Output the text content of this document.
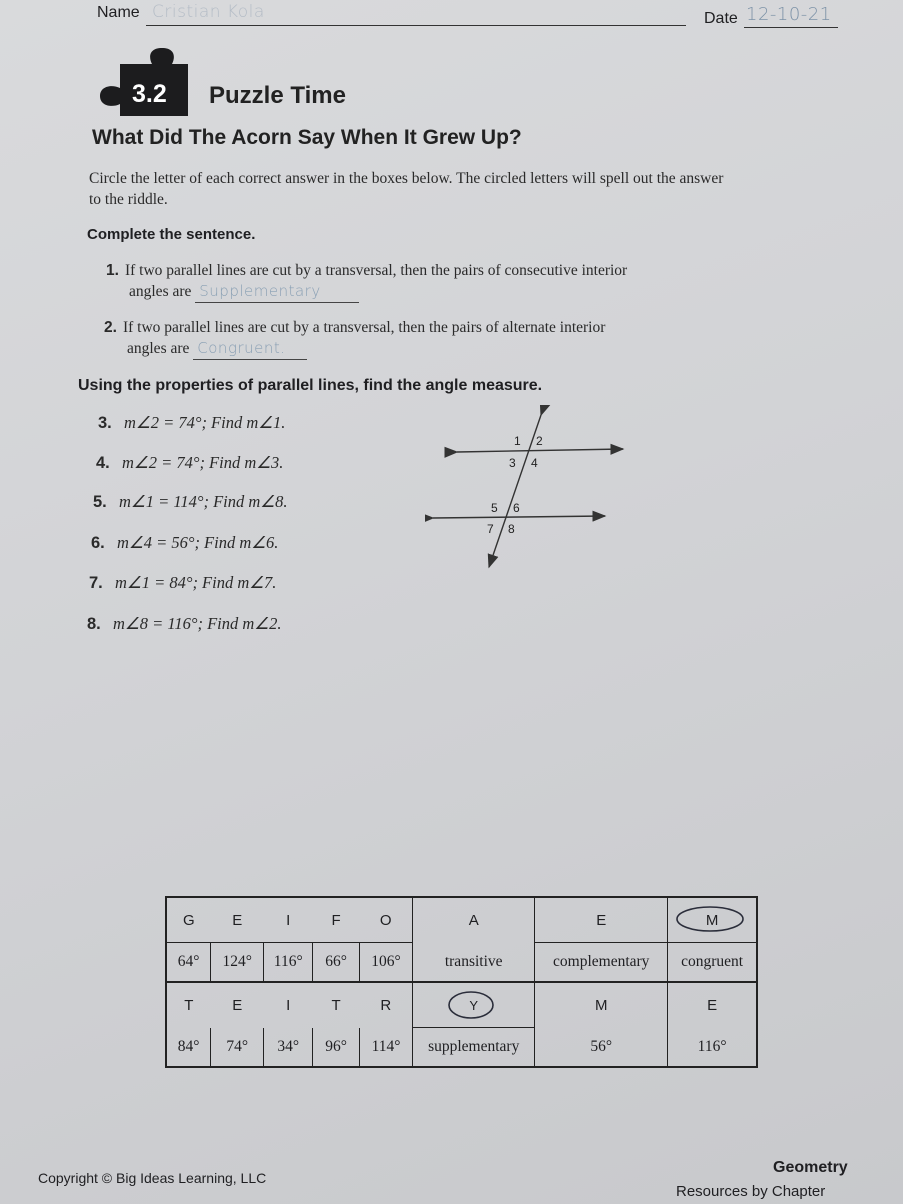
Name Cristian Kola	Date 12-10-21
3.2 Puzzle Time
What Did The Acorn Say When It Grew Up?
Circle the letter of each correct answer in the boxes below. The circled letters will spell out the answer to the riddle.
Complete the sentence.
1. If two parallel lines are cut by a transversal, then the pairs of consecutive interior
angles are Supplementary
2. If two parallel lines are cut by a transversal, then the pairs of alternate interior
angles are Congruent.
Using the properties of parallel lines, find the angle measure.
3. m∠2 = 74°; Find m∠1.
4. m∠2 = 74°; Find m∠3.
5. m∠1 = 114°; Find m∠8.
6. m∠4 = 56°; Find m∠6.
7. m∠1 = 84°; Find m∠7.
8. m∠8 = 116°; Find m∠2.
1 2
3 4
5 6
7 8
G	E	I	F	O	A	E	M

64°	124°	116°	66°	106°	transitive	complementary	congruent
T	E	I	T	R	Y	M	E
84°	74°	34°	96°	114°	supplementary	56°	116°
Copyright © Big Ideas Learning, LLC
Geometry
Resources by Chapter
